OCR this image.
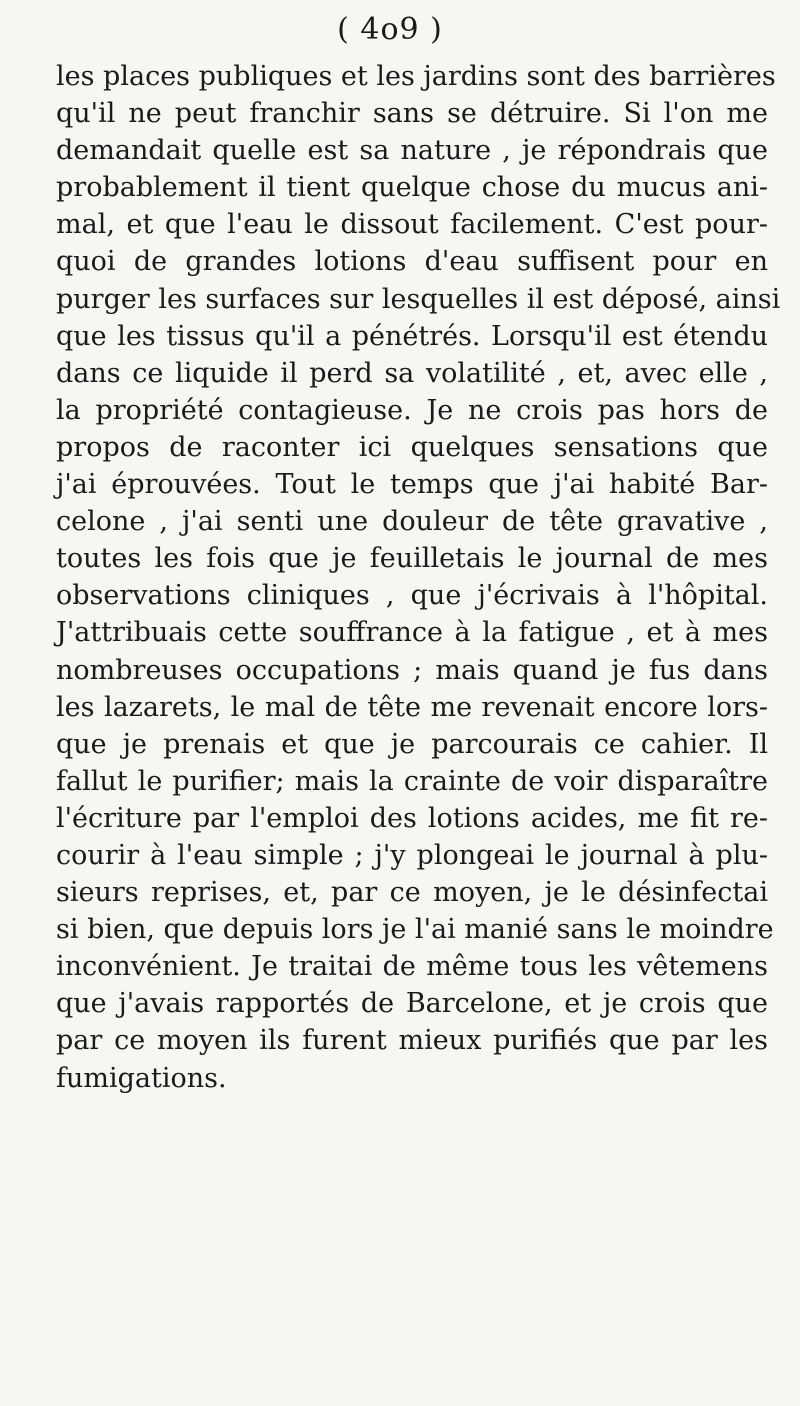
( 4o9 )
les places publiques et les jardins sont des barrières
qu'il ne peut franchir sans se détruire. Si l'on me
demandait quelle est sa nature , je répondrais que
probablement il tient quelque chose du mucus ani-
mal, et que l'eau le dissout facilement. C'est pour-
quoi de grandes lotions d'eau suffisent pour en
purger les surfaces sur lesquelles il est déposé, ainsi
que les tissus qu'il a pénétrés. Lorsqu'il est étendu
dans ce liquide il perd sa volatilité , et, avec elle ,
la propriété contagieuse. Je ne crois pas hors de
propos de raconter ici quelques sensations que
j'ai éprouvées. Tout le temps que j'ai habité Bar-
celone , j'ai senti une douleur de tête gravative ,
toutes les fois que je feuilletais le journal de mes
observations cliniques , que j'écrivais à l'hôpital.
J'attribuais cette souffrance à la fatigue , et à mes
nombreuses occupations ; mais quand je fus dans
les lazarets, le mal de tête me revenait encore lors-
que je prenais et que je parcourais ce cahier. Il
fallut le purifier; mais la crainte de voir disparaître
l'écriture par l'emploi des lotions acides, me fit re-
courir à l'eau simple ; j'y plongeai le journal à plu-
sieurs reprises, et, par ce moyen, je le désinfectai
si bien, que depuis lors je l'ai manié sans le moindre
inconvénient. Je traitai de même tous les vêtemens
que j'avais rapportés de Barcelone, et je crois que
par ce moyen ils furent mieux purifiés que par les
fumigations.
